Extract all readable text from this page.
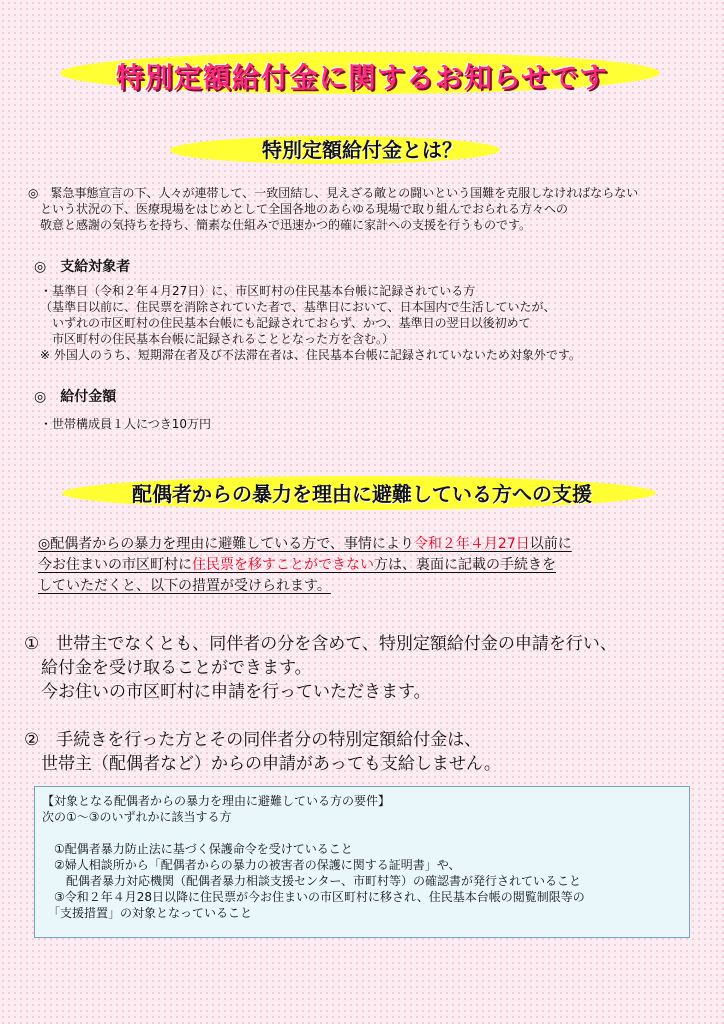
特別定額給付金に関するお知らせです
特別定額給付金とは？

◎　緊急事態宣言の下、人々が連帯して、一致団結し、見えざる敵との闘いという国難を克服しなければならない

　という状況の下、医療現場をはじめとして全国各地のあらゆる現場で取り組んでおられる方々への

　敬意と感謝の気持ちを持ち、簡素な仕組みで迅速かつ的確に家計への支援を行うものです。

◎　支給対象者

・基準日（令和２年４月27日）に、市区町村の住民基本台帳に記録されている方

（基準日以前に、住民票を消除されていた者で、基準日において、日本国内で生活していたが、

　いずれの市区町村の住民基本台帳にも記録されておらず、かつ、基準日の翌日以後初めて

　市区町村の住民基本台帳に記録されることとなった方を含む。）

※ 外国人のうち、短期滞在者及び不法滞在者は、住民基本台帳に記録されていないため対象外です。

◎　給付金額
・世帯構成員１人につき10万円
配偶者からの暴力を理由に避難している方への支援

◎配偶者からの暴力を理由に避難している方で、事情により令和２年４月27日以前に

今お住まいの市区町村に住民票を移すことができない方は、裏面に記載の手続きを

していただくと、以下の措置が受けられます。

①　世帯主でなくとも、同伴者の分を含めて、特別定額給付金の申請を行い、

　給付金を受け取ることができます。

　今お住いの市区町村に申請を行っていただきます。

②　手続きを行った方とその同伴者分の特別定額給付金は、

　世帯主（配偶者など）からの申請があっても支給しません。

【対象となる配偶者からの暴力を理由に避難している方の要件】

次の①～③のいずれかに該当する方

　①配偶者暴力防止法に基づく保護命令を受けていること

　②婦人相談所から「配偶者からの暴力の被害者の保護に関する証明書」や、

　　配偶者暴力対応機関（配偶者暴力相談支援センター、市町村等）の確認書が発行されていること

　③令和２年４月28日以降に住民票が今お住まいの市区町村に移され、住民基本台帳の閲覧制限等の

　「支援措置」の対象となっていること
